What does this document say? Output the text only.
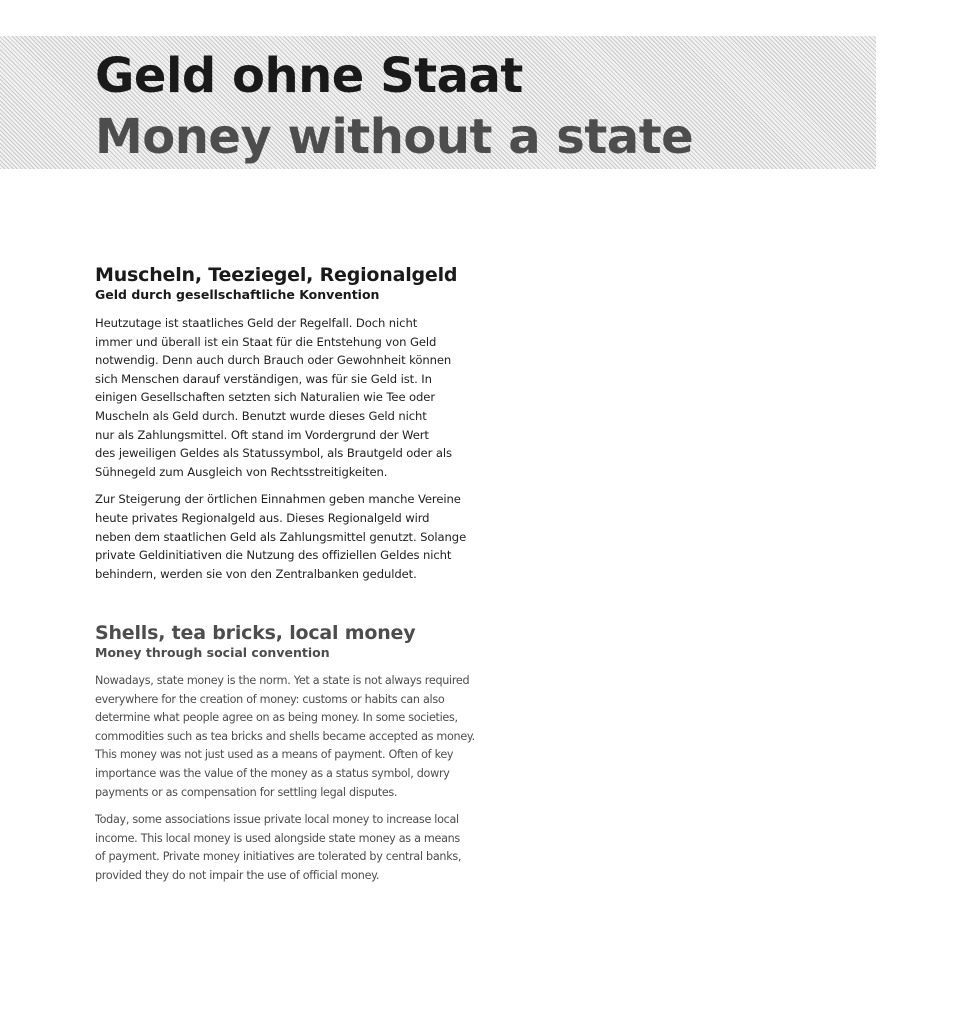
Geld ohne Staat
Money without a state
Muscheln, Teeziegel, Regionalgeld
Geld durch gesellschaftliche Konvention

Heutzutage ist staatliches Geld der Regelfall. Doch nicht
immer und überall ist ein Staat für die Entstehung von Geld
notwendig. Denn auch durch Brauch oder Gewohnheit können
sich Menschen darauf verständigen, was für sie Geld ist. In
einigen Gesellschaften setzten sich Naturalien wie Tee oder
Muscheln als Geld durch. Benutzt wurde dieses Geld nicht
nur als Zahlungsmittel. Oft stand im Vordergrund der Wert
des jeweiligen Geldes als Statussymbol, als Brautgeld oder als
Sühnegeld zum Ausgleich von Rechtsstreitigkeiten.

Zur Steigerung der örtlichen Einnahmen geben manche Vereine
heute privates Regionalgeld aus. Dieses Regionalgeld wird
neben dem staatlichen Geld als Zahlungsmittel genutzt. Solange
private Geldinitiativen die Nutzung des offiziellen Geldes nicht
behindern, werden sie von den Zentralbanken geduldet.

Shells, tea bricks, local money
Money through social convention

Nowadays, state money is the norm. Yet a state is not always required
everywhere for the creation of money: customs or habits can also
determine what people agree on as being money. In some societies,
commodities such as tea bricks and shells became accepted as money.
This money was not just used as a means of payment. Often of key
importance was the value of the money as a status symbol, dowry
payments or as compensation for settling legal disputes.

Today, some associations issue private local money to increase local
income. This local money is used alongside state money as a means
of payment. Private money initiatives are tolerated by central banks,
provided they do not impair the use of official money.
